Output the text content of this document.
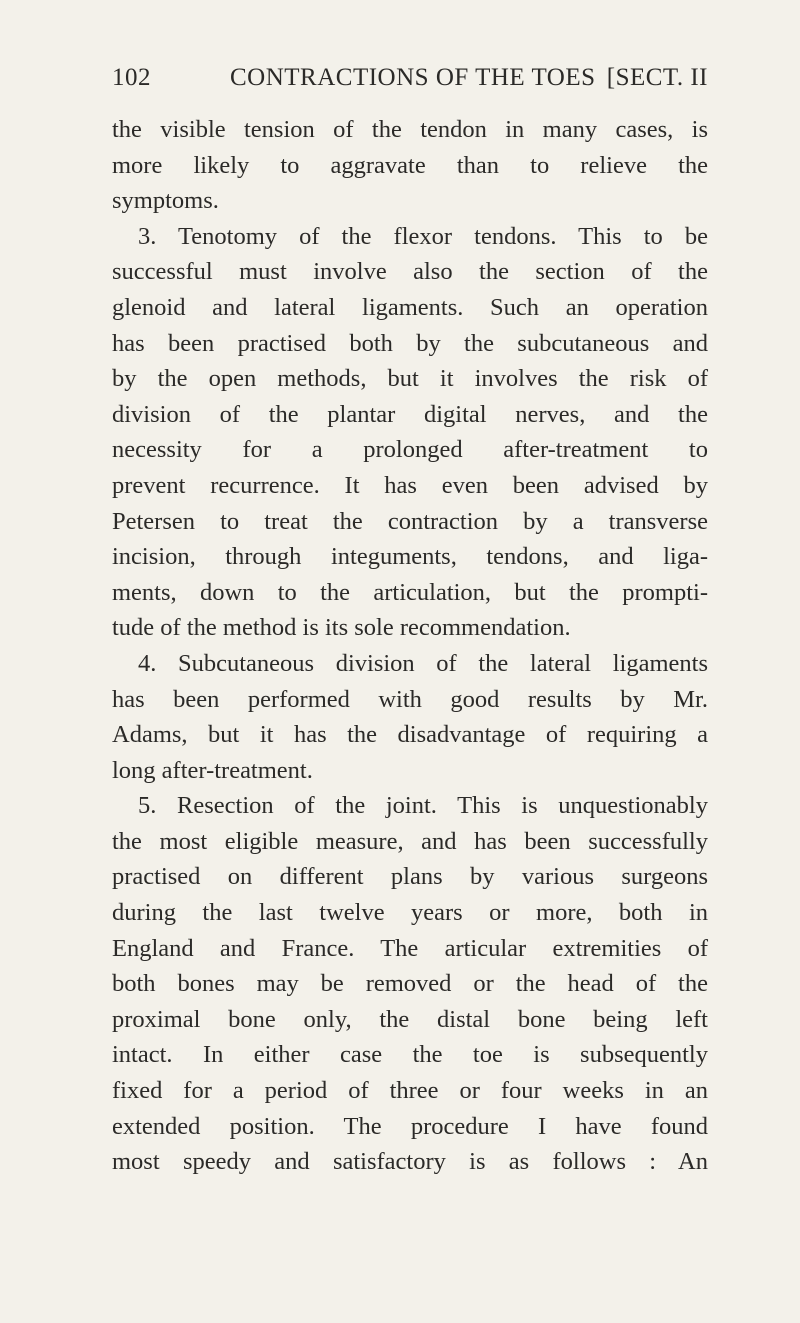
102	CONTRACTIONS OF THE TOES [SECT. II
the visible tension of the tendon in many cases, is
more likely to aggravate than to relieve the
symptoms.
3. Tenotomy of the flexor tendons. This to be
successful must involve also the section of the
glenoid and lateral ligaments. Such an operation
has been practised both by the subcutaneous and
by the open methods, but it involves the risk of
division of the plantar digital nerves, and the
necessity for a prolonged after-treatment to
prevent recurrence. It has even been advised by
Petersen to treat the contraction by a transverse
incision, through integuments, tendons, and liga-
ments, down to the articulation, but the prompti-
tude of the method is its sole recommendation.
4. Subcutaneous division of the lateral ligaments
has been performed with good results by Mr.
Adams, but it has the disadvantage of requiring a
long after-treatment.
5. Resection of the joint. This is unquestionably
the most eligible measure, and has been successfully
practised on different plans by various surgeons
during the last twelve years or more, both in
England and France. The articular extremities of
both bones may be removed or the head of the
proximal bone only, the distal bone being left
intact. In either case the toe is subsequently
fixed for a period of three or four weeks in an
extended position. The procedure I have found
most speedy and satisfactory is as follows : An
